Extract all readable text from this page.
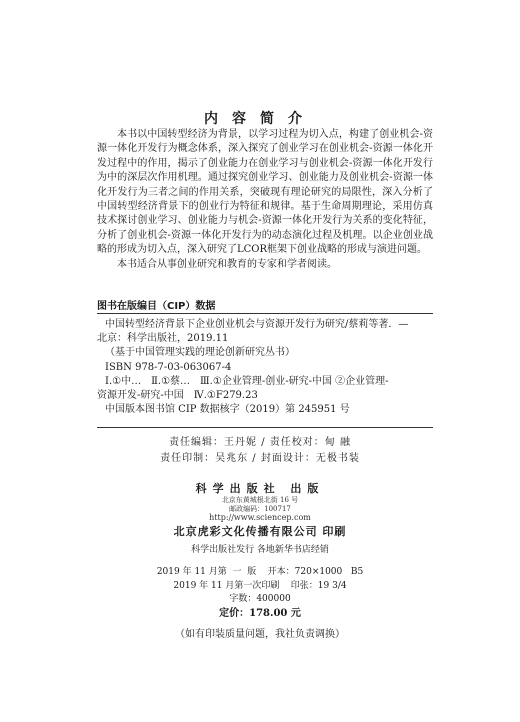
内容简介

本书以中国转型经济为背景，以学习过程为切入点，构建了创业机会-资源一体化开发行为概念体系，深入探究了创业学习在创业机会-资源一体化开发过程中的作用，揭示了创业能力在创业学习与创业机会-资源一体化开发行为中的深层次作用机理。通过探究创业学习、创业能力及创业机会-资源一体化开发行为三者之间的作用关系，突破现有理论研究的局限性，深入分析了中国转型经济背景下的创业行为特征和规律。基于生命周期理论，采用仿真技术探讨创业学习、创业能力与机会-资源一体化开发行为关系的变化特征，分析了创业机会-资源一体化开发行为的动态演化过程及机理。以企业创业战略的形成为切入点，深入研究了LCOR框架下创业战略的形成与演进问题。

本书适合从事创业研究和教育的专家和学者阅读。

图书在版编目（CIP）数据
中国转型经济背景下企业创业机会与资源开发行为研究/蔡莉等著．—
北京：科学出版社，2019.11
（基于中国管理实践的理论创新研究丛书）
ISBN 978-7-03-063067-4
Ⅰ.①中…　Ⅱ.①蔡…　Ⅲ.①企业管理-创业-研究-中国 ②企业管理-
资源开发-研究-中国　Ⅳ.①F279.23
中国版本图书馆 CIP 数据核字（2019）第 245951 号
责任编辑：王丹妮 / 责任校对：甸 融
责任印制：吴兆东 / 封面设计：无极书装
科学出版社 出版
北京东黄城根北街 16 号
邮政编码：100717
http://www.sciencep.com
北京虎彩文化传播有限公司 印刷
科学出版社发行 各地新华书店经销
2019 年 11 月第  一  版    开本：720×1000   B5
2019 年 11 月第一次印刷    印张：19 3/4
字数：400000
定价：178.00 元
（如有印装质量问题，我社负责调换）
